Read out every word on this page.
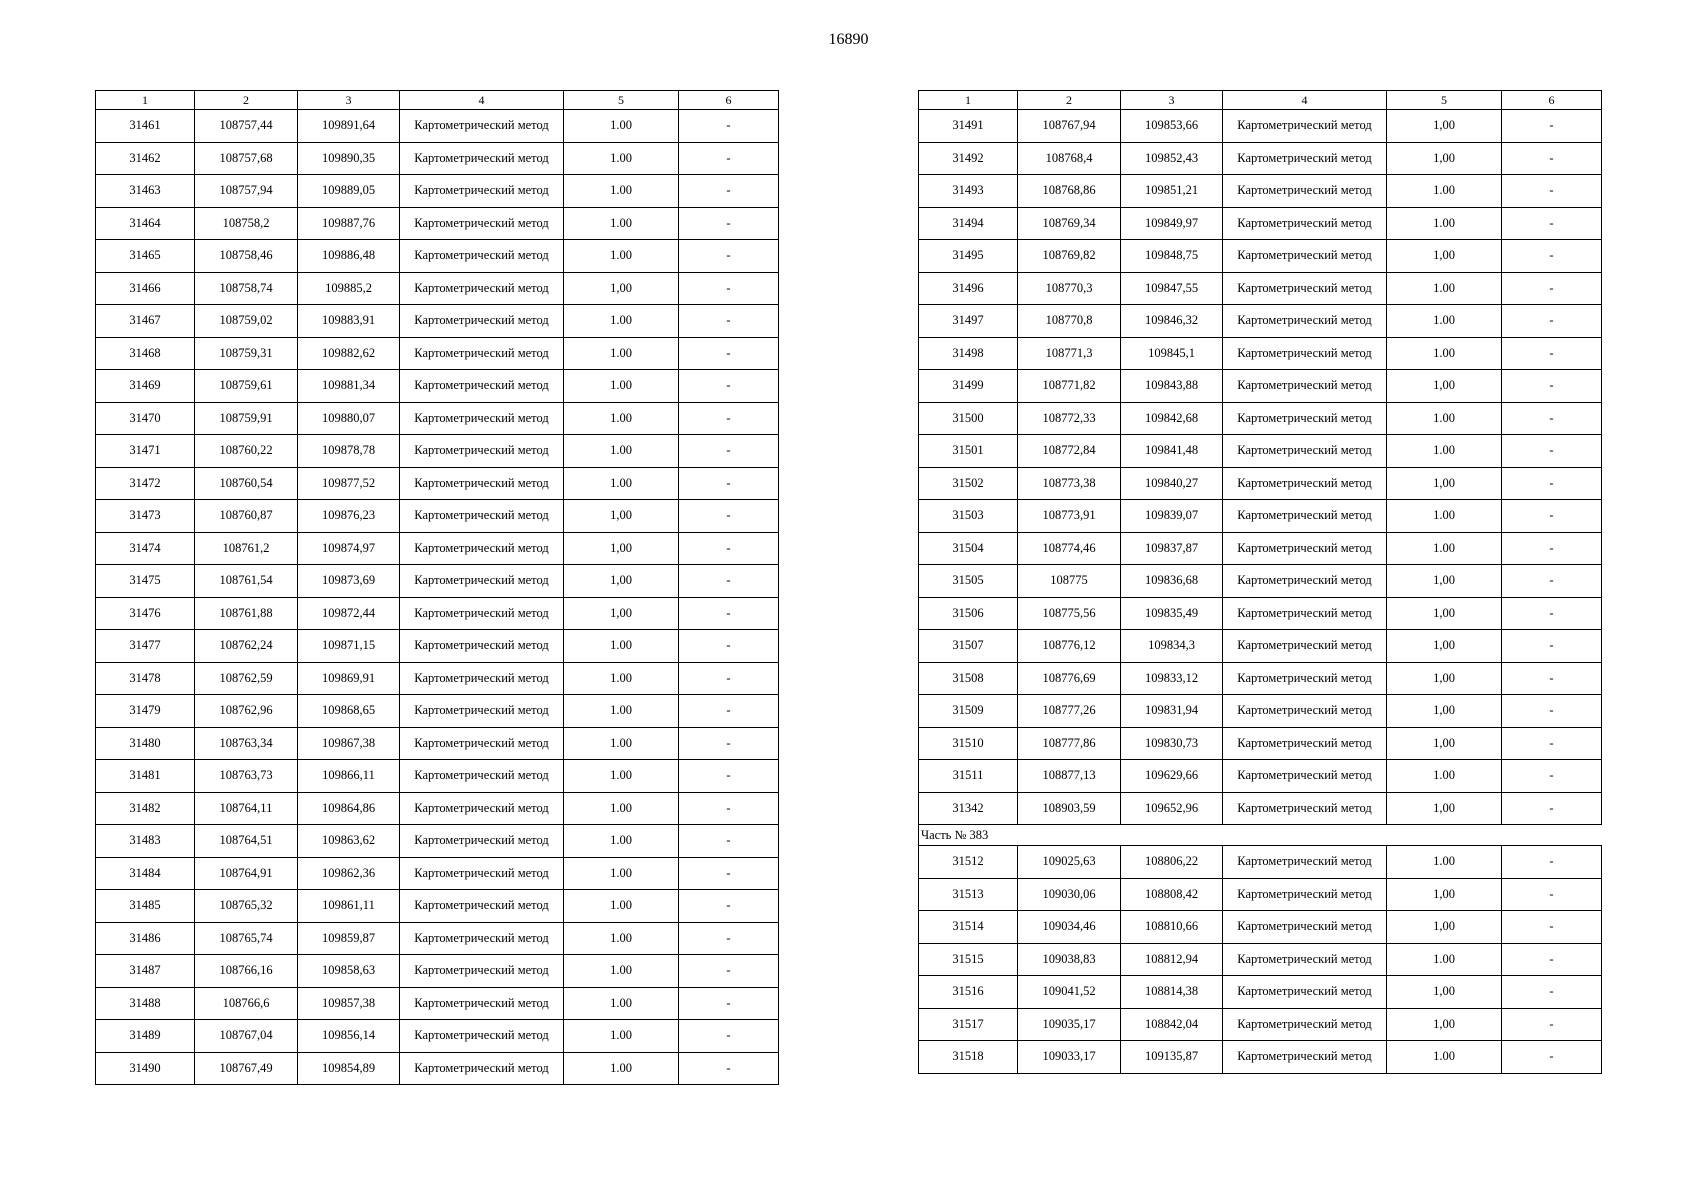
16890
1	2	3	4	5	6
31461	108757,44	109891,64	Картометрический метод	1.00	-
31462	108757,68	109890,35	Картометрический метод	1.00	-
31463	108757,94	109889,05	Картометрический метод	1.00	-
31464	108758,2	109887,76	Картометрический метод	1.00	-
31465	108758,46	109886,48	Картометрический метод	1.00	-
31466	108758,74	109885,2	Картометрический метод	1,00	-
31467	108759,02	109883,91	Картометрический метод	1.00	-
31468	108759,31	109882,62	Картометрический метод	1.00	-
31469	108759,61	109881,34	Картометрический метод	1.00	-
31470	108759,91	109880,07	Картометрический метод	1.00	-
31471	108760,22	109878,78	Картометрический метод	1.00	-
31472	108760,54	109877,52	Картометрический метод	1.00	-
31473	108760,87	109876,23	Картометрический метод	1,00	-
31474	108761,2	109874,97	Картометрический метод	1,00	-
31475	108761,54	109873,69	Картометрический метод	1,00	-
31476	108761,88	109872,44	Картометрический метод	1,00	-
31477	108762,24	109871,15	Картометрический метод	1.00	-
31478	108762,59	109869,91	Картометрический метод	1.00	-
31479	108762,96	109868,65	Картометрический метод	1.00	-
31480	108763,34	109867,38	Картометрический метод	1.00	-
31481	108763,73	109866,11	Картометрический метод	1.00	-
31482	108764,11	109864,86	Картометрический метод	1.00	-
31483	108764,51	109863,62	Картометрический метод	1.00	-
31484	108764,91	109862,36	Картометрический метод	1.00	-
31485	108765,32	109861,11	Картометрический метод	1.00	-
31486	108765,74	109859,87	Картометрический метод	1.00	-
31487	108766,16	109858,63	Картометрический метод	1.00	-
31488	108766,6	109857,38	Картометрический метод	1.00	-
31489	108767,04	109856,14	Картометрический метод	1.00	-
31490	108767,49	109854,89	Картометрический метод	1.00	-
1	2	3	4	5	6
31491	108767,94	109853,66	Картометрический метод	1,00	-
31492	108768,4	109852,43	Картометрический метод	1,00	-
31493	108768,86	109851,21	Картометрический метод	1.00	-
31494	108769,34	109849,97	Картометрический метод	1.00	-
31495	108769,82	109848,75	Картометрический метод	1,00	-
31496	108770,3	109847,55	Картометрический метод	1.00	-
31497	108770,8	109846,32	Картометрический метод	1.00	-
31498	108771,3	109845,1	Картометрический метод	1.00	-
31499	108771,82	109843,88	Картометрический метод	1,00	-
31500	108772,33	109842,68	Картометрический метод	1.00	-
31501	108772,84	109841,48	Картометрический метод	1.00	-
31502	108773,38	109840,27	Картометрический метод	1,00	-
31503	108773,91	109839,07	Картометрический метод	1.00	-
31504	108774,46	109837,87	Картометрический метод	1.00	-
31505	108775	109836,68	Картометрический метод	1,00	-
31506	108775,56	109835,49	Картометрический метод	1,00	-
31507	108776,12	109834,3	Картометрический метод	1,00	-
31508	108776,69	109833,12	Картометрический метод	1,00	-
31509	108777,26	109831,94	Картометрический метод	1,00	-
31510	108777,86	109830,73	Картометрический метод	1,00	-
31511	108877,13	109629,66	Картометрический метод	1.00	-
31342	108903,59	109652,96	Картометрический метод	1,00	-
Часть № 383					
31512	109025,63	108806,22	Картометрический метод	1.00	-
31513	109030,06	108808,42	Картометрический метод	1,00	-
31514	109034,46	108810,66	Картометрический метод	1,00	-
31515	109038,83	108812,94	Картометрический метод	1.00	-
31516	109041,52	108814,38	Картометрический метод	1,00	-
31517	109035,17	108842,04	Картометрический метод	1,00	-
31518	109033,17	109135,87	Картометрический метод	1.00	-
